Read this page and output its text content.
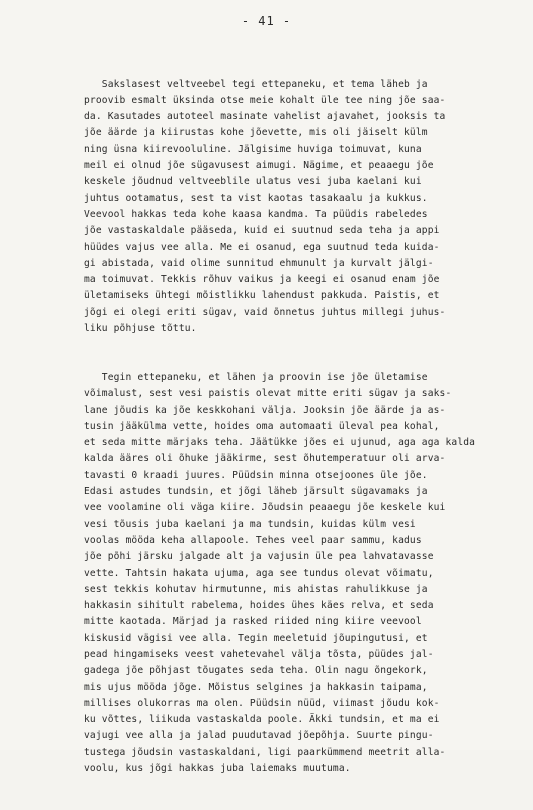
- 41 -

Sakslasest veltveebel tegi ettepaneku, et tema läheb ja
proovib esmalt üksinda otse meie kohalt üle tee ning jõe saa-
da. Kasutades autoteel masinate vahelist ajavahet, jooksis ta
jõe äärde ja kiirustas kohe jõevette, mis oli jäiselt külm
ning üsna kiirevooluline. Jälgisime huviga toimuvat, kuna
meil ei olnud jõe sügavusest aimugi. Nägime, et peaaegu jõe
keskele jõudnud veltveeblile ulatus vesi juba kaelani kui
juhtus ootamatus, sest ta vist kaotas tasakaalu ja kukkus.
Veevool hakkas teda kohe kaasa kandma. Ta püüdis rabeledes
jõe vastaskaldale pääseda, kuid ei suutnud seda teha ja appi
hüüdes vajus vee alla. Me ei osanud, ega suutnud teda kuida-
gi abistada, vaid olime sunnitud ehmunult ja kurvalt jälgi-
ma toimuvat. Tekkis rõhuv vaikus ja keegi ei osanud enam jõe
ületamiseks ühtegi mõistlikku lahendust pakkuda. Paistis, et
jõgi ei olegi eriti sügav, vaid õnnetus juhtus millegi juhus-
liku põhjuse tõttu.

Tegin ettepaneku, et lähen ja proovin ise jõe ületamise
võimalust, sest vesi paistis olevat mitte eriti sügav ja saks-
lane jõudis ka jõe keskkohani välja. Jooksin jõe äärde ja as-
tusin jääkülma vette, hoides oma automaati üleval pea kohal,
et seda mitte märjaks teha. Jäätükke jões ei ujunud, aga aga kalda
kalda ääres oli õhuke jääkirme, sest õhutemperatuur oli arva-
tavasti 0 kraadi juures. Püüdsin minna otsejoones üle jõe.
Edasi astudes tundsin, et jõgi läheb järsult sügavamaks ja
vee voolamine oli väga kiire. Jõudsin peaaegu jõe keskele kui
vesi tõusis juba kaelani ja ma tundsin, kuidas külm vesi
voolas mööda keha allapoole. Tehes veel paar sammu, kadus
jõe põhi järsku jalgade alt ja vajusin üle pea lahvatavasse
vette. Tahtsin hakata ujuma, aga see tundus olevat võimatu,
sest tekkis kohutav hirmutunne, mis ahistas rahulikkuse ja
hakkasin sihitult rabelema, hoides ühes käes relva, et seda
mitte kaotada. Märjad ja rasked riided ning kiire veevool
kiskusid vägisi vee alla. Tegin meeletuid jõupingutusi, et
pead hingamiseks veest vahetevahel välja tõsta, püüdes jal-
gadega jõe põhjast tõugates seda teha. Olin nagu õngekork,
mis ujus mööda jõge. Mõistus selgines ja hakkasin taipama,
millises olukorras ma olen. Püüdsin nüüd, viimast jõudu kok-
ku võttes, liikuda vastaskalda poole. Äkki tundsin, et ma ei
vajugi vee alla ja jalad puudutavad jõepõhja. Suurte pingu-
tustega jõudsin vastaskaldani, ligi paarkümmend meetrit alla-
voolu, kus jõgi hakkas juba laiemaks muutuma.
